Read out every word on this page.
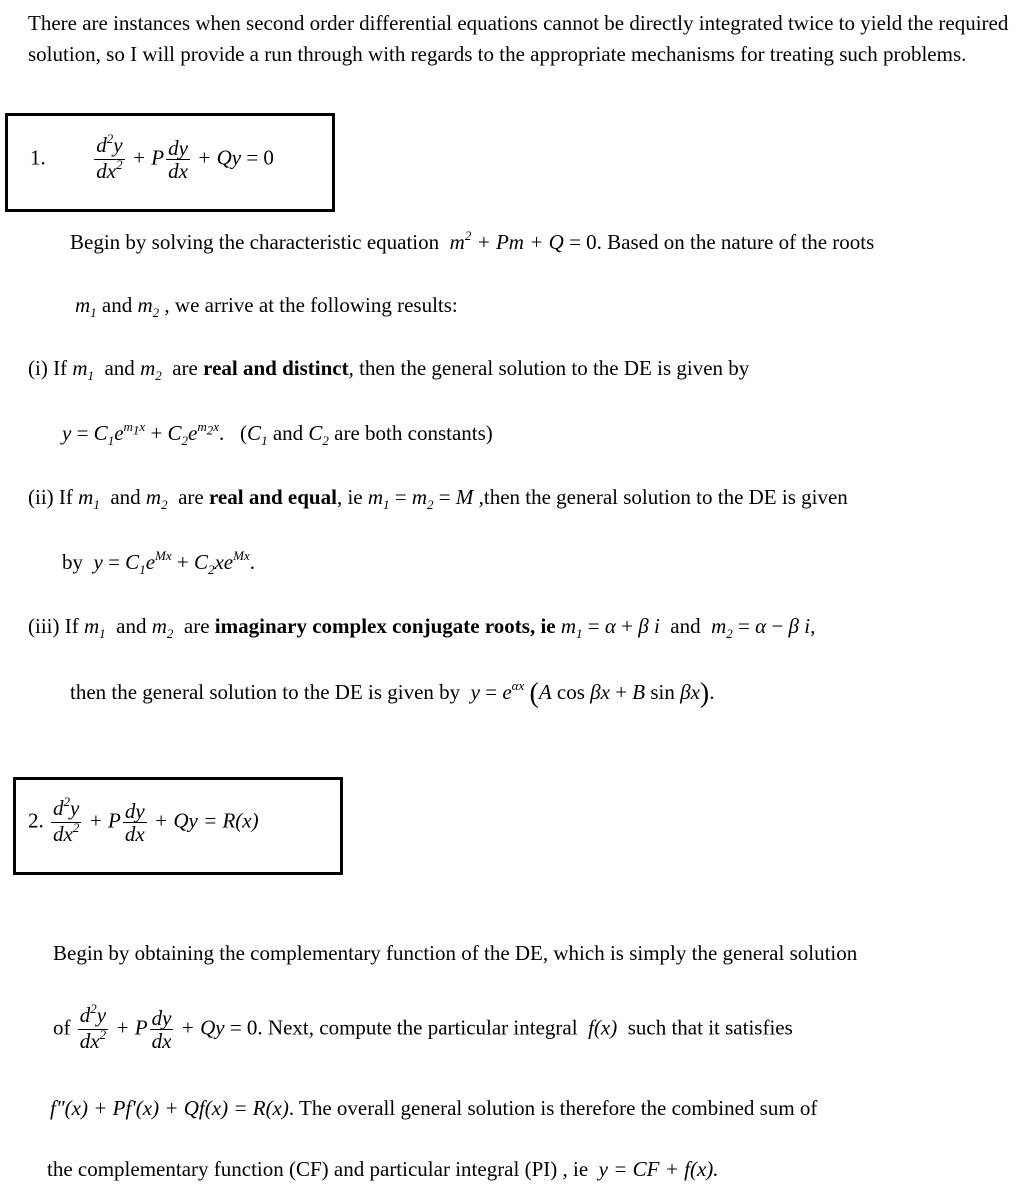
There are instances when second order differential equations cannot be directly integrated twice to yield the required solution, so I will provide a run through with regards to the appropriate mechanisms for treating such problems.
1. $\frac{d^2y}{dx^2} + P \frac{dy}{dx} + Qy = 0$
Begin by solving the characteristic equation  $m^2 + Pm + Q = 0$. Based on the nature of the roots
$m_1$ and $m_2$ , we arrive at the following results:
(i) If $m_1$  and $m_2$ are real and distinct, then the general solution to the DE is given by
$y = C_1e^{m_1x} + C_2e^{m_2x}$.   ($C_1$ and $C_2$ are both constants)
(ii) If $m_1$  and $m_2$ are real and equal, ie $m_1 = m_2 = M$ ,then the general solution to the DE is given
by $y = C_1e^{Mx} + C_2xe^{Mx}$.
(iii) If $m_1$  and $m_2$ are imaginary complex conjugate roots, ie $m_1 = \alpha + \beta$ i and $m_2 = \alpha - \beta$ i,
then the general solution to the DE is given by $y = e^{\alpha x}$ (A cos βx + B sin βx).
2. $\frac{d^2y}{dx^2} + P \frac{dy}{dx} + Qy = R(x)$
Begin by obtaining the complementary function of the DE, which is simply the general solution
of $\frac{d^2y}{dx^2} + P \frac{dy}{dx} + Qy = 0$. Next, compute the particular integral f(x) such that it satisfies
f"(x) + Pf'(x) + Qf(x) = R(x). The overall general solution is therefore the combined sum of
the complementary function (CF) and particular integral (PI) , ie y = CF + f(x).
